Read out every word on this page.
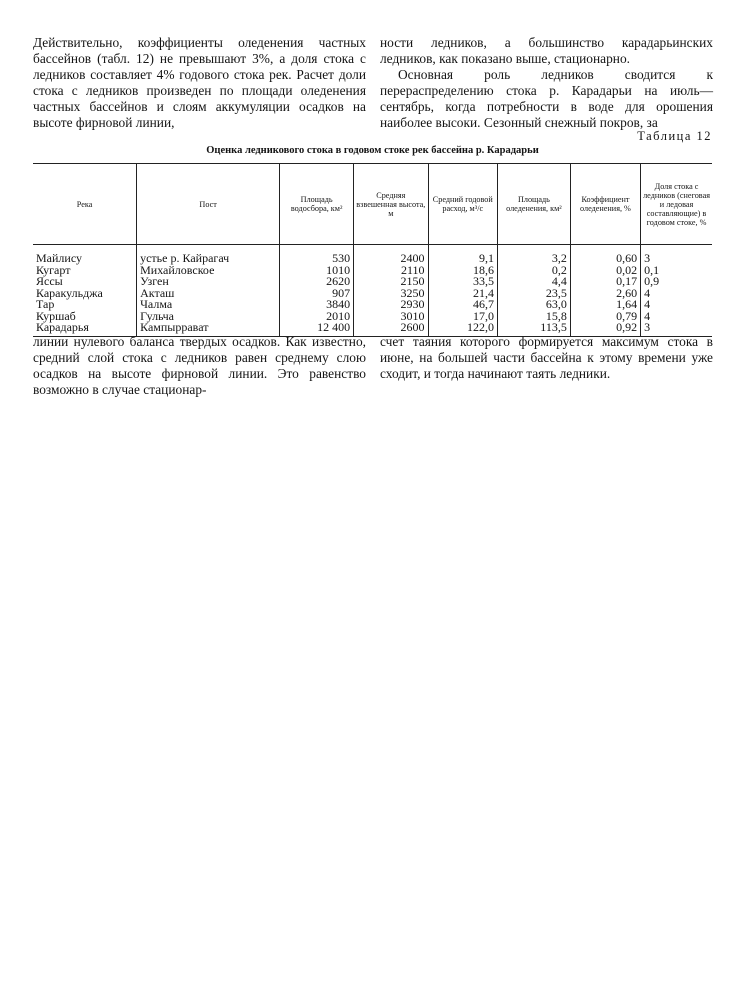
Действительно, коэффициенты оледенения частных бассейнов (табл. 12) не превышают 3%, а доля стока с ледников составляет 4% годового стока рек. Расчет доли стока с ледников произведен по площади оледенения частных бассейнов и слоям аккумуляции осадков на высоте фирновой линии,

ности ледников, а большинство карадарьинских ледников, как показано выше, стационарно.

Основная роль ледников сводится к перераспределению стока р. Карадарьи на июль—сентябрь, когда потребности в воде для орошения наиболее высоки. Сезонный снежный покров, за

Таблица 12
Оценка ледникового стока в годовом стоке рек бассейна р. Карадарьи
Река	Пост	Площадь водосбора, км²	Средняя взвешенная высота, м	Средний годовой расход, м³/с	Площадь оледенения, км²	Коэффициент оледенения, %	Доля стока с ледников (снеговая и ледовая составляющие) в годовом стоке, %
Майлису	устье р. Кайрагач	530	2400	9,1	3,2	0,60	3
Кугарт	Михайловское	1010	2110	18,6	0,2	0,02	0,1
Яссы	Узген	2620	2150	33,5	4,4	0,17	0,9
Каракульджа	Акташ	907	3250	21,4	23,5	2,60	4
Тар	Чалма	3840	2930	46,7	63,0	1,64	4
Куршаб	Гульча	2010	3010	17,0	15,8	0,79	4
Карадарья	Кампыррават	12 400	2600	122,0	113,5	0,92	3

линии нулевого баланса твердых осадков. Как известно, средний слой стока с ледников равен среднему слою осадков на высоте фирновой линии. Это равенство возможно в случае стационар-

счет таяния которого формируется максимум стока в июне, на большей части бассейна к этому времени уже сходит, и тогда начинают таять ледники.
